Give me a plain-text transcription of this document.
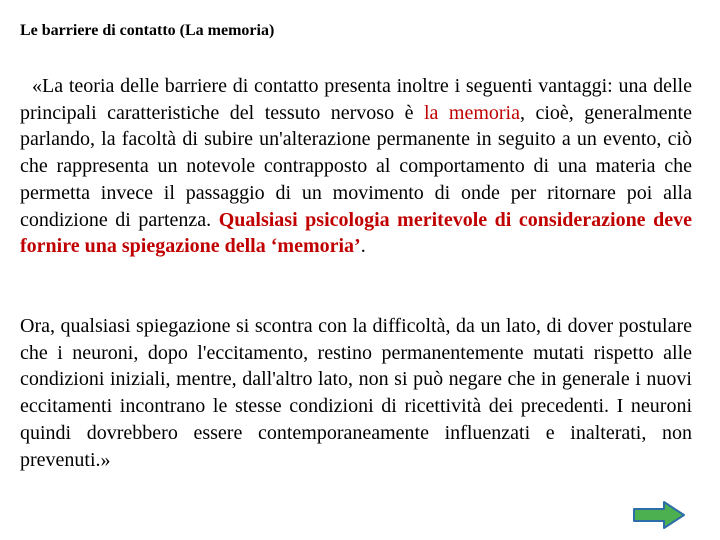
Le barriere di contatto (La memoria)

«La teoria delle barriere di contatto presenta inoltre i seguenti vantaggi: una delle principali caratteristiche del tessuto nervoso è la memoria, cioè, generalmente parlando, la facoltà di subire un'alterazione permanente in seguito a un evento, ciò che rappresenta un notevole contrapposto al comportamento di una materia che permetta invece il passaggio di un movimento di onde per ritornare poi alla condizione di partenza. Qualsiasi psicologia meritevole di considerazione deve fornire una spiegazione della ‘memoria’.

Ora, qualsiasi spiegazione si scontra con la difficoltà, da un lato, di dover postulare che i neuroni, dopo l'eccitamento, restino permanentemente mutati rispetto alle condizioni iniziali, mentre, dall'altro lato, non si può negare che in generale i nuovi eccitamenti incontrano le stesse condizioni di ricettività dei precedenti. I neuroni quindi dovrebbero essere contemporaneamente influenzati e inalterati, non prevenuti.»
